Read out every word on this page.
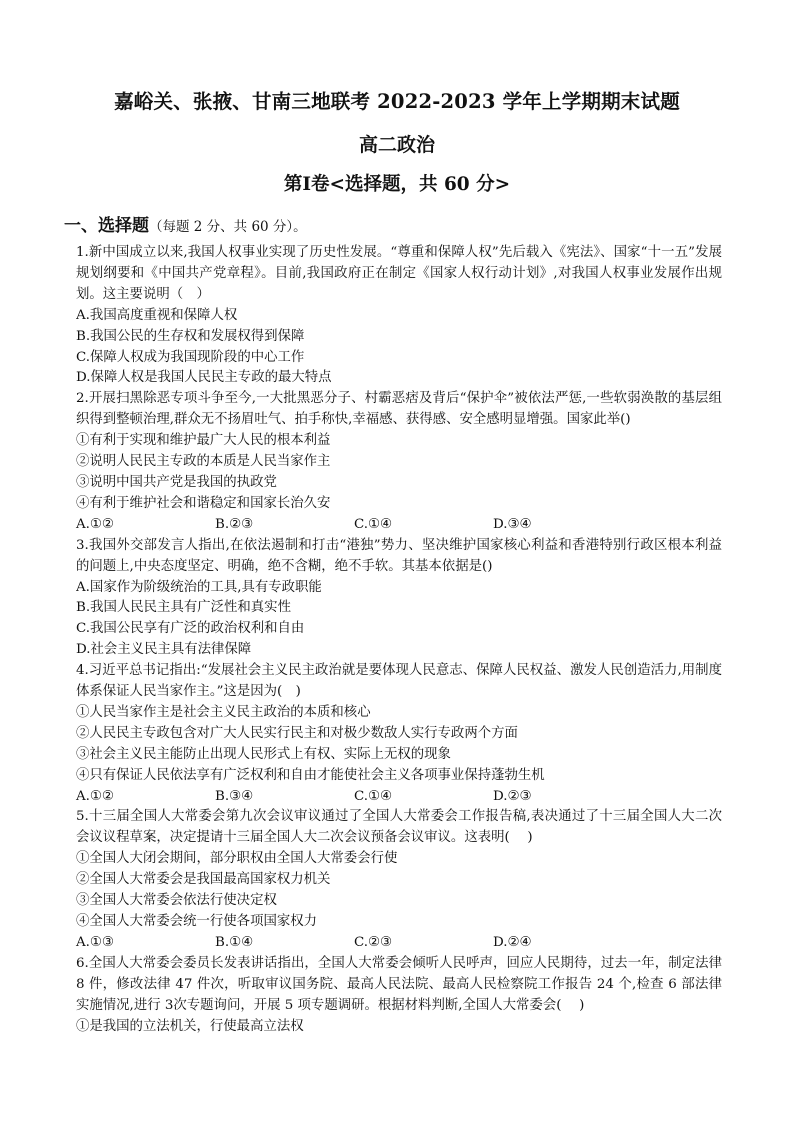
嘉峪关、张掖、甘南三地联考 2022-2023 学年上学期期末试题
高二政治
第Ⅰ卷<选择题，共 60 分>
一、选择题（每题 2 分、共 60 分）。

1.新中国成立以来,我国人权事业实现了历史性发展。“尊重和保障人权”先后载入《宪法》、国家“十一五”发展规划纲要和《中国共产党章程》。目前,我国政府正在制定《国家人权行动计划》,对我国人权事业发展作出规划。这主要说明（　）

A.我国高度重视和保障人权

B.我国公民的生存权和发展权得到保障

C.保障人权成为我国现阶段的中心工作

D.保障人权是我国人民民主专政的最大特点

2.开展扫黑除恶专项斗争至今,一大批黑恶分子、村霸恶痞及背后“保护伞”被依法严惩,一些软弱涣散的基层组织得到整顿治理,群众无不扬眉吐气、拍手称快,幸福感、获得感、安全感明显增强。国家此举()

①有利于实现和维护最广大人民的根本利益

②说明人民民主专政的本质是人民当家作主

③说明中国共产党是我国的执政党

④有利于维护社会和谐稳定和国家长治久安

A.①②	B.②③	C.①④	D.③④

3.我国外交部发言人指出,在依法遏制和打击“港独”势力、坚决维护国家核心利益和香港特别行政区根本利益的问题上,中央态度坚定、明确，绝不含糊，绝不手软。其基本依据是()

A.国家作为阶级统治的工具,具有专政职能

B.我国人民民主具有广泛性和真实性

C.我国公民享有广泛的政治权利和自由

D.社会主义民主具有法律保障

4.习近平总书记指出:“发展社会主义民主政治就是要体现人民意志、保障人民权益、激发人民创造活力,用制度体系保证人民当家作主。”这是因为(　)

①人民当家作主是社会主义民主政治的本质和核心

②人民民主专政包含对广大人民实行民主和对极少数敌人实行专政两个方面

③社会主义民主能防止出现人民形式上有权、实际上无权的现象

④只有保证人民依法享有广泛权利和自由才能使社会主义各项事业保持蓬勃生机

A.①②	B.③④	C.①④	D.②③

5.十三届全国人大常委会第九次会议审议通过了全国人大常委会工作报告稿,表决通过了十三届全国人大二次会议议程草案，决定提请十三届全国人大二次会议预备会议审议。这表明(　 )

①全国人大闭会期间，部分职权由全国人大常委会行使

②全国人大常委会是我国最高国家权力机关

③全国人大常委会依法行使决定权

④全国人大常委会统一行使各项国家权力

A.①③	B.①④	C.②③	D.②④

6.全国人大常委会委员长发表讲话指出，全国人大常委会倾听人民呼声，回应人民期待，过去一年，制定法律 8 件，修改法律 47 件次，听取审议国务院、最高人民法院、最高人民检察院工作报告 24 个,检查 6 部法律实施情况,进行 3次专题询问，开展 5 项专题调研。根据材料判断,全国人大常委会(　 )

①是我国的立法机关，行使最高立法权
